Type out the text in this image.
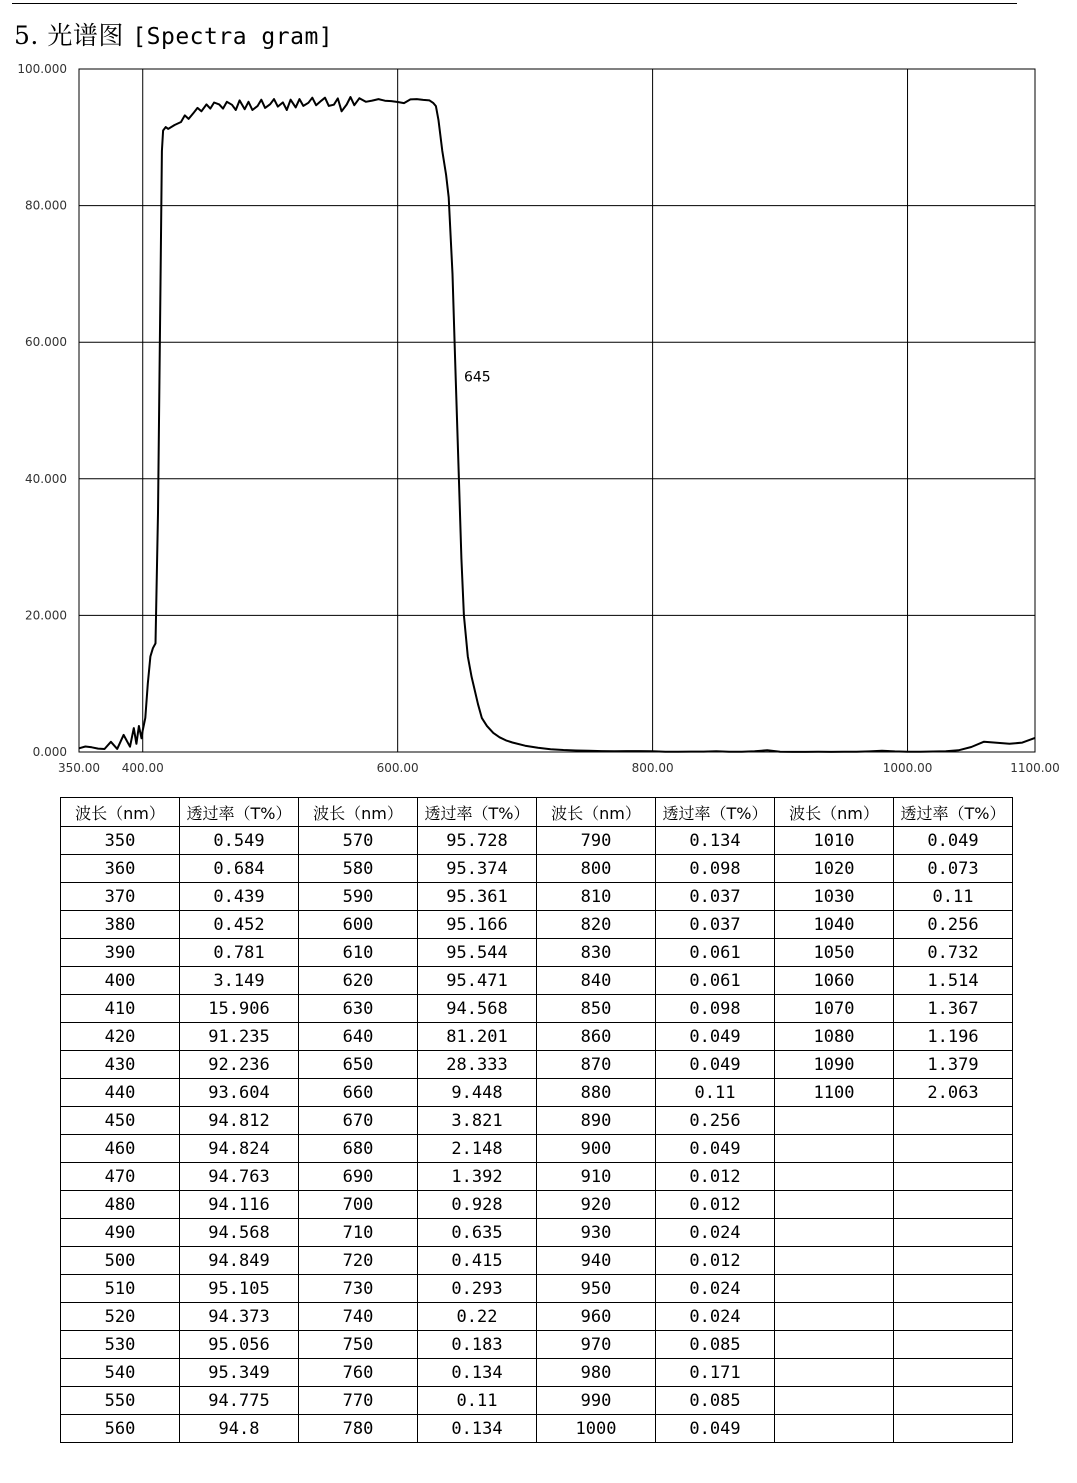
5. 光谱图 [Spectra gram]
0.000
20.000
40.000
60.000
80.000
100.000
350.00 400.00	600.00	800.00	1000.00	1100.00
645
波长（nm）	透过率（T%）	波长（nm）	透过率（T%）	波长（nm）	透过率（T%）	波长（nm）	透过率（T%）
350	0.549	570	95.728	790	0.134	1010	0.049
360	0.684	580	95.374	800	0.098	1020	0.073
370	0.439	590	95.361	810	0.037	1030	0.11
380	0.452	600	95.166	820	0.037	1040	0.256
390	0.781	610	95.544	830	0.061	1050	0.732
400	3.149	620	95.471	840	0.061	1060	1.514
410	15.906	630	94.568	850	0.098	1070	1.367
420	91.235	640	81.201	860	0.049	1080	1.196
430	92.236	650	28.333	870	0.049	1090	1.379
440	93.604	660	9.448	880	0.11	1100	2.063
450	94.812	670	3.821	890	0.256		
460	94.824	680	2.148	900	0.049		
470	94.763	690	1.392	910	0.012		
480	94.116	700	0.928	920	0.012		
490	94.568	710	0.635	930	0.024		
500	94.849	720	0.415	940	0.012		
510	95.105	730	0.293	950	0.024		
520	94.373	740	0.22	960	0.024		
530	95.056	750	0.183	970	0.085		
540	95.349	760	0.134	980	0.171		
550	94.775	770	0.11	990	0.085		
560	94.8	780	0.134	1000	0.049		
